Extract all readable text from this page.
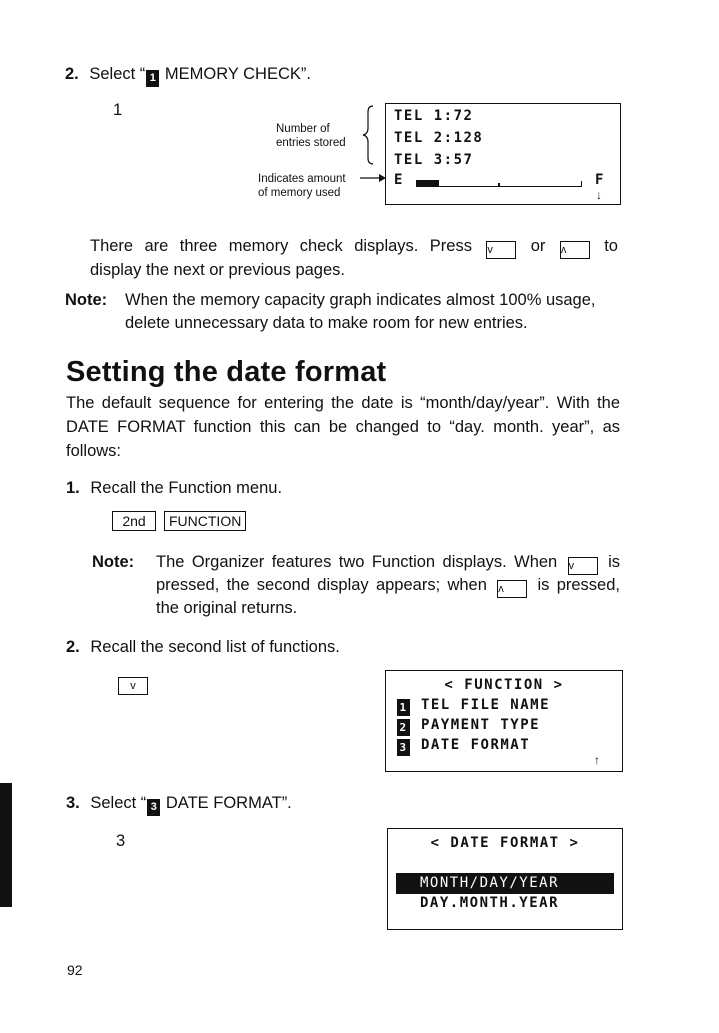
2. Select “ 1 MEMORY CHECK”.
1
Number of
entries stored
Indicates amount
of memory used
TEL 1:72
TEL 2:128
TEL 3:57
E	F
↓
There are three memory check displays. Press v or ʌ to
display the next or previous pages.
Note: When the memory capacity graph indicates almost 100% usage,
delete unnecessary data to make room for new entries.
Setting the date format
The default sequence for entering the date is “month/day/year”. With the
DATE FORMAT function this can be changed to “day. month. year”, as
follows:
1. Recall the Function menu.
2nd FUNCTION
Note: The Organizer features two Function displays. When v is
pressed, the second display appears; when ʌ is pressed,
the original returns.
2. Recall the second list of functions.
v	< FUNCTION >
1 TEL FILE NAME
2 PAYMENT TYPE
3 DATE FORMAT
↑
3. Select “ 3 DATE FORMAT”.
3	< DATE FORMAT >
MONTH/DAY/YEAR
DAY.MONTH.YEAR
92
